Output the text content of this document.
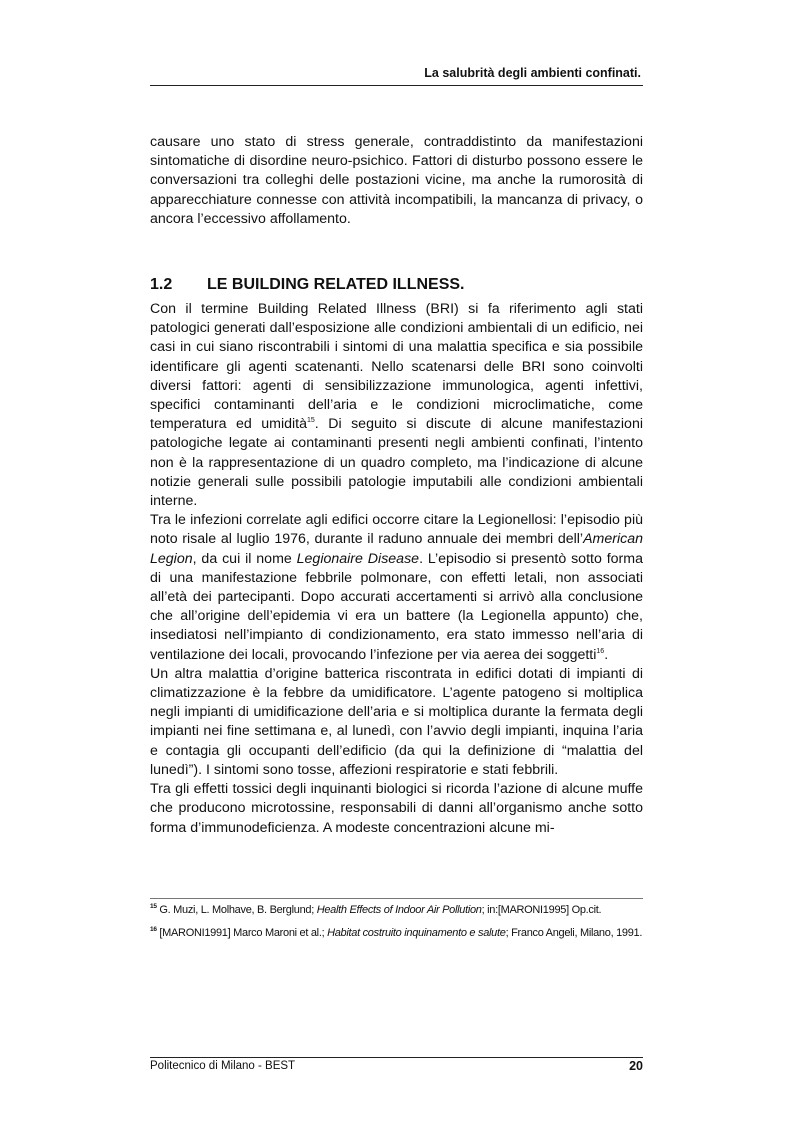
La salubrità degli ambienti confinati.

causare uno stato di stress generale, contraddistinto da manifestazioni sintomatiche di disordine neuro-psichico. Fattori di disturbo possono essere le conversazioni tra colleghi delle postazioni vicine, ma anche la rumorosità di apparecchiature connesse con attività incompatibili, la mancanza di privacy, o ancora l’eccessivo affollamento.

1.2 LE BUILDING RELATED ILLNESS.

Con il termine Building Related Illness (BRI) si fa riferimento agli stati patologici generati dall’esposizione alle condizioni ambientali di un edificio, nei casi in cui siano riscontrabili i sintomi di una malattia specifica e sia possibile identificare gli agenti scatenanti. Nello scatenarsi delle BRI sono coinvolti diversi fattori: agenti di sensibilizzazione immunologica, agenti infettivi, specifici contaminanti dell’aria e le condizioni microclimatiche, come temperatura ed umidità$^{15}$. Di seguito si discute di alcune manifestazioni patologiche legate ai contaminanti presenti negli ambienti confinati, l’intento non è la rappresentazione di un quadro completo, ma l’indicazione di alcune notizie generali sulle possibili patologie imputabili alle condizioni ambientali interne.

Tra le infezioni correlate agli edifici occorre citare la Legionellosi: l’episodio più noto risale al luglio 1976, durante il raduno annuale dei membri dell’American Legion, da cui il nome Legionaire Disease. L’episodio si presentò sotto forma di una manifestazione febbrile polmonare, con effetti letali, non associati all’età dei partecipanti. Dopo accurati accertamenti si arrivò alla conclusione che all’origine dell’epidemia vi era un battere (la Legionella appunto) che, insediatosi nell’impianto di condizionamento, era stato immesso nell’aria di ventilazione dei locali, provocando l’infezione per via aerea dei soggetti$^{16}$.

Un altra malattia d’origine batterica riscontrata in edifici dotati di impianti di climatizzazione è la febbre da umidificatore. L’agente patogeno si moltiplica negli impianti di umidificazione dell’aria e si moltiplica durante la fermata degli impianti nei fine settimana e, al lunedì, con l’avvio degli impianti, inquina l’aria e contagia gli occupanti dell’edificio (da qui la definizione di “malattia del lunedì”). I sintomi sono tosse, affezioni respiratorie e stati febbrili.

Tra gli effetti tossici degli inquinanti biologici si ricorda l’azione di alcune muffe che producono microtossine, responsabili di danni all’organismo anche sotto forma d’immunodeficienza. A modeste concentrazioni alcune mi-

$^{15}$ G. Muzi, L. Molhave, B. Berglund; Health Effects of Indoor Air Pollution; in:[MARONI1995] Op.cit.
$^{16}$ [MARONI1991] Marco Maroni et al.; Habitat costruito inquinamento e salute; Franco Angeli, Milano, 1991.
Politecnico di Milano - BEST	20
